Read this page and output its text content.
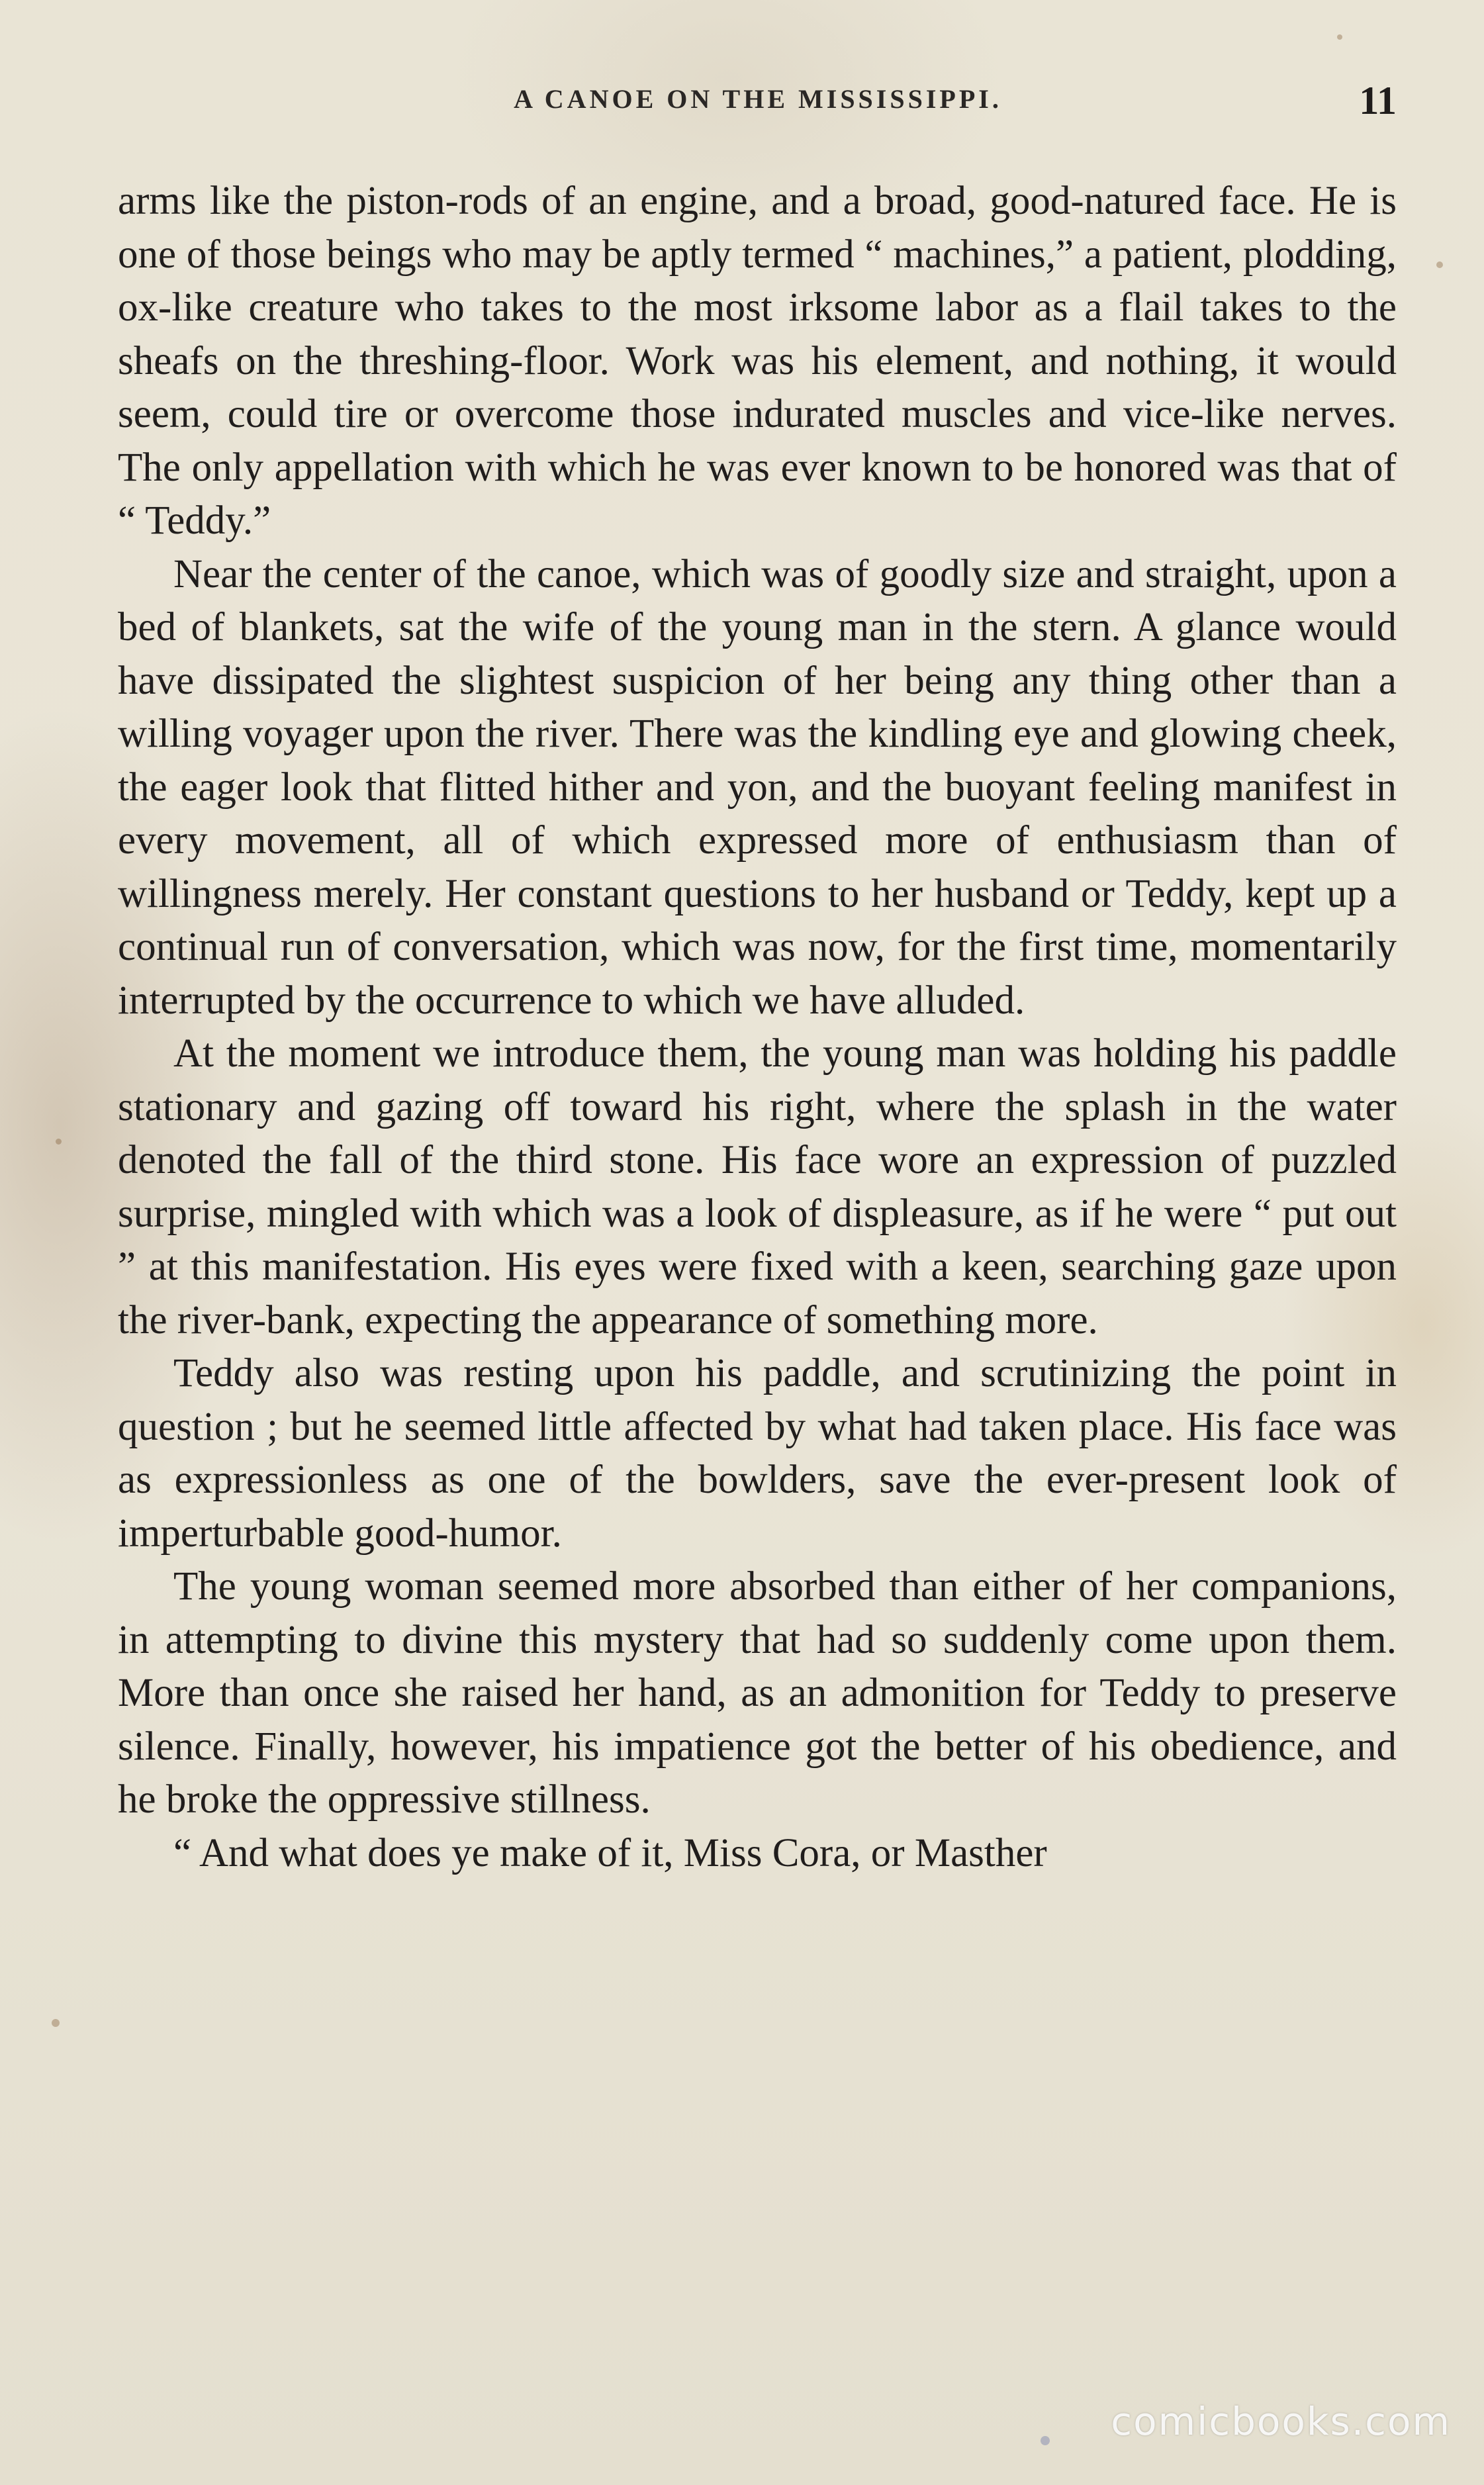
A CANOE ON THE MISSISSIPPI.	11

arms like the piston-rods of an engine, and a broad, good-natured face. He is one of those beings who may be aptly termed “ machines,” a patient, plodding, ox-like creature who takes to the most irksome labor as a flail takes to the sheafs on the threshing-floor. Work was his element, and nothing, it would seem, could tire or overcome those indurated muscles and vice-like nerves. The only appellation with which he was ever known to be honored was that of “ Teddy.”

Near the center of the canoe, which was of goodly size and straight, upon a bed of blankets, sat the wife of the young man in the stern. A glance would have dissipated the slightest suspicion of her being any thing other than a willing voyager upon the river. There was the kindling eye and glowing cheek, the eager look that flitted hither and yon, and the buoyant feeling manifest in every movement, all of which expressed more of enthusiasm than of willingness merely. Her constant questions to her husband or Teddy, kept up a continual run of conversation, which was now, for the first time, momentarily interrupted by the occurrence to which we have alluded.

At the moment we introduce them, the young man was holding his paddle stationary and gazing off toward his right, where the splash in the water denoted the fall of the third stone. His face wore an expression of puzzled surprise, mingled with which was a look of displeasure, as if he were “ put out ” at this manifestation. His eyes were fixed with a keen, searching gaze upon the river-bank, expecting the appearance of something more.

Teddy also was resting upon his paddle, and scrutinizing the point in question ; but he seemed little affected by what had taken place. His face was as expressionless as one of the bowlders, save the ever-present look of imperturbable good-humor.

The young woman seemed more absorbed than either of her companions, in attempting to divine this mystery that had so suddenly come upon them. More than once she raised her hand, as an admonition for Teddy to preserve silence. Finally, however, his impatience got the better of his obedience, and he broke the oppressive stillness.

“ And what does ye make of it, Miss Cora, or Masther

comicbooks.com
